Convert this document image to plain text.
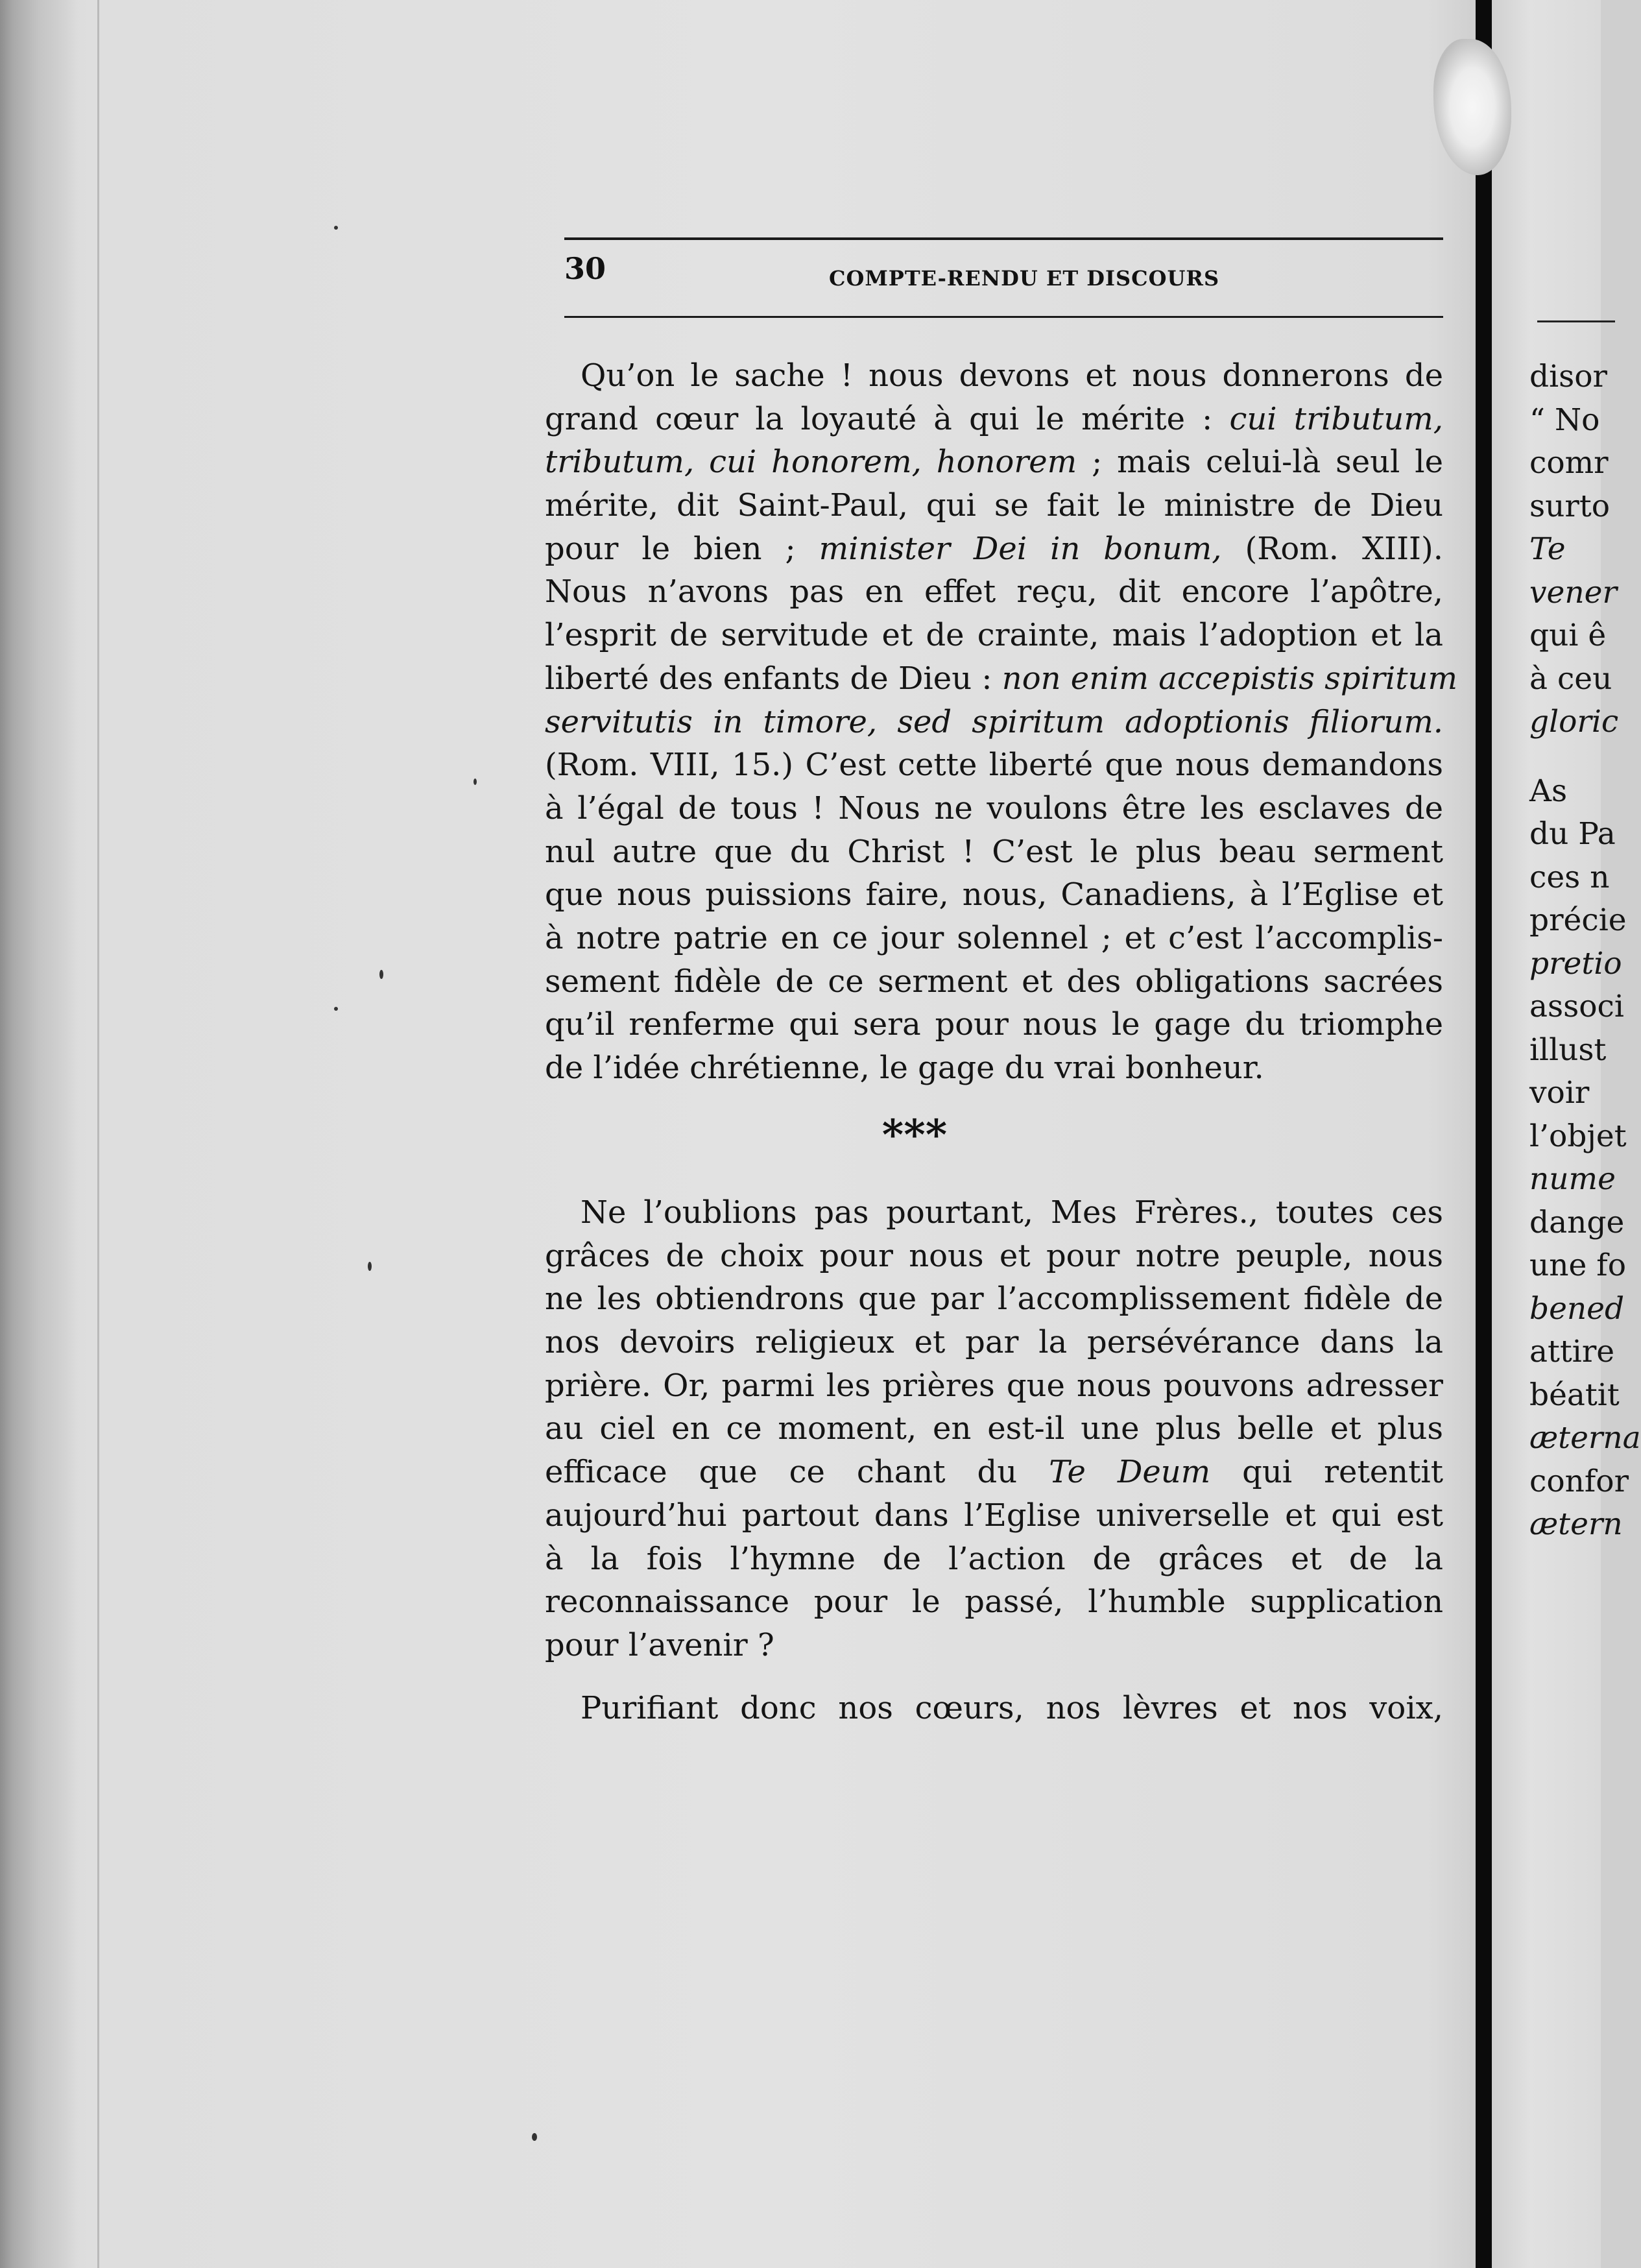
30	COMPTE-RENDU ET DISCOURS
Qu’on le sache ! nous devons et nous donnerons de
grand cœur la loyauté à qui le mérite : cui tributum,
tributum, cui honorem, honorem ; mais celui-là seul le
mérite, dit Saint-Paul, qui se fait le ministre de Dieu
pour le bien ; minister Dei in bonum, (Rom. XIII).
Nous n’avons pas en effet reçu, dit encore l’apôtre,
l’esprit de servitude et de crainte, mais l’adoption et la
liberté des enfants de Dieu : non enim accepistis spiritum
servitutis in timore, sed spiritum adoptionis filiorum.
(Rom. VIII, 15.) C’est cette liberté que nous demandons
à l’égal de tous ! Nous ne voulons être les esclaves de
nul autre que du Christ ! C’est le plus beau serment
que nous puissions faire, nous, Canadiens, à l’Eglise et
à notre patrie en ce jour solennel ; et c’est l’accomplis-
sement fidèle de ce serment et des obligations sacrées
qu’il renferme qui sera pour nous le gage du triomphe
de l’idée chrétienne, le gage du vrai bonheur.
***
Ne l’oublions pas pourtant, Mes Frères., toutes ces
grâces de choix pour nous et pour notre peuple, nous
ne les obtiendrons que par l’accomplissement fidèle de
nos devoirs religieux et par la persévérance dans la
prière. Or, parmi les prières que nous pouvons adresser
au ciel en ce moment, en est-il une plus belle et plus
efficace que ce chant du Te Deum qui retentit
aujourd’hui partout dans l’Eglise universelle et qui est
à la fois l’hymne de l’action de grâces et de la
reconnaissance pour le passé, l’humble supplication
pour l’avenir ?
Purifiant donc nos cœurs, nos lèvres et nos voix,
disor
“ No
comr
surto
Te
vener
qui ê
à ceu
gloric
As
du Pa
ces n
précie
pretio
associ
illust
voir
l’objet
nume
dange
une fo
bened
attire
béatit
æterna
confor
ætern
